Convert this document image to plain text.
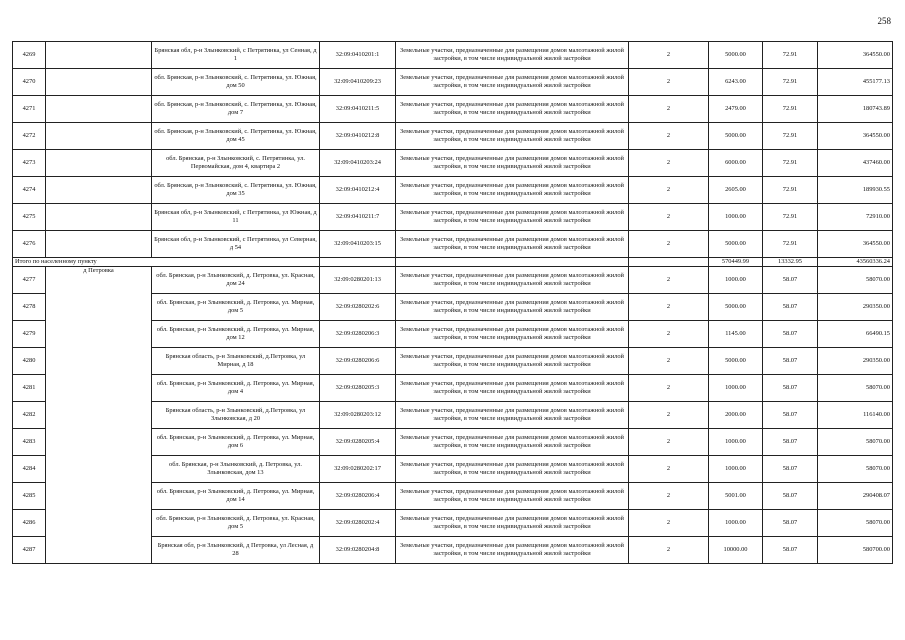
258
4269		Брянская обл, р-н Злынковский, с Петрятинка, ул Сенная, д 1	32:09:0410201:1	Земельные участки, предназначенные для размещения домов малоэтажной жилой застройки, в том числе индивидуальной жилой застройки	2	5000.00	72.91	364550.00
4270		обл. Брянская, р-н Злынковский, с. Петрятинка, ул. Южная, дом 50	32:09:0410209:23	Земельные участки, предназначенные для размещения домов малоэтажной жилой застройки, в том числе индивидуальной жилой застройки	2	6243.00	72.91	455177.13
4271		обл. Брянская, р-н Злынковский, с. Петрятинка, ул. Южная, дом 7	32:09:0410211:5	Земельные участки, предназначенные для размещения домов малоэтажной жилой застройки, в том числе индивидуальной жилой застройки	2	2479.00	72.91	180743.89
4272		обл. Брянская, р-н Злынковский, с. Петрятинка, ул. Южная, дом 45	32:09:0410212:8	Земельные участки, предназначенные для размещения домов малоэтажной жилой застройки, в том числе индивидуальной жилой застройки	2	5000.00	72.91	364550.00
4273		обл. Брянская, р-н Злынковский, с. Петрятинка, ул. Первомайская, дом 4, квартира 2	32:09:0410203:24	Земельные участки, предназначенные для размещения домов малоэтажной жилой застройки, в том числе индивидуальной жилой застройки	2	6000.00	72.91	437460.00
4274		обл. Брянская, р-н Злынковский, с. Петрятинка, ул. Южная, дом 35	32:09:0410212:4	Земельные участки, предназначенные для размещения домов малоэтажной жилой застройки, в том числе индивидуальной жилой застройки	2	2605.00	72.91	189930.55
4275		Брянская обл, р-н Злынковский, с Петрятинка, ул Южная, д 11	32:09:0410211:7	Земельные участки, предназначенные для размещения домов малоэтажной жилой застройки, в том числе индивидуальной жилой застройки	2	1000.00	72.91	72910.00
4276		Брянская обл, р-н Злынковский, с Петрятинка, ул Северная, д 54	32:09:0410203:15	Земельные участки, предназначенные для размещения домов малоэтажной жилой застройки, в том числе индивидуальной жилой застройки	2	5000.00	72.91	364550.00
Итого по населенному пункту						570449.99	13332.95	43560336.24
4277	д Петровка	обл. Брянская, р-н Злынковский, д. Петровка, ул. Красная, дом 24	32:09:0280201:13	Земельные участки, предназначенные для размещения домов малоэтажной жилой застройки, в том числе индивидуальной жилой застройки	2	1000.00	58.07	58070.00
4278		обл. Брянская, р-н Злынковский, д. Петровка, ул. Мирная, дом 5	32:09:0280202:6	Земельные участки, предназначенные для размещения домов малоэтажной жилой застройки, в том числе индивидуальной жилой застройки	2	5000.00	58.07	290350.00
4279		обл. Брянская, р-н Злынковский, д. Петровка, ул. Мирная, дом 12	32:09:0280206:3	Земельные участки, предназначенные для размещения домов малоэтажной жилой застройки, в том числе индивидуальной жилой застройки	2	1145.00	58.07	66490.15
4280		Брянская область, р-н Злынковский, д.Петровка, ул Мирная, д 18	32:09:0280206:6	Земельные участки, предназначенные для размещения домов малоэтажной жилой застройки, в том числе индивидуальной жилой застройки	2	5000.00	58.07	290350.00
4281		обл. Брянская, р-н Злынковский, д. Петровка, ул. Мирная, дом 4	32:09:0280205:3	Земельные участки, предназначенные для размещения домов малоэтажной жилой застройки, в том числе индивидуальной жилой застройки	2	1000.00	58.07	58070.00
4282		Брянская область, р-н Злынковский, д.Петровка, ул Злынковская, д 20	32:09:0280203:12	Земельные участки, предназначенные для размещения домов малоэтажной жилой застройки, в том числе индивидуальной жилой застройки	2	2000.00	58.07	116140.00
4283		обл. Брянская, р-н Злынковский, д. Петровка, ул. Мирная, дом 6	32:09:0280205:4	Земельные участки, предназначенные для размещения домов малоэтажной жилой застройки, в том числе индивидуальной жилой застройки	2	1000.00	58.07	58070.00
4284		обл. Брянская, р-н Злынковский, д. Петровка, ул. Злынковская, дом 13	32:09:0280202:17	Земельные участки, предназначенные для размещения домов малоэтажной жилой застройки, в том числе индивидуальной жилой застройки	2	1000.00	58.07	58070.00
4285		обл. Брянская, р-н Злынковский, д. Петровка, ул. Мирная, дом 14	32:09:0280206:4	Земельные участки, предназначенные для размещения домов малоэтажной жилой застройки, в том числе индивидуальной жилой застройки	2	5001.00	58.07	290408.07
4286		обл. Брянская, р-н Злынковский, д. Петровка, ул. Красная, дом 5	32:09:0280202:4	Земельные участки, предназначенные для размещения домов малоэтажной жилой застройки, в том числе индивидуальной жилой застройки	2	1000.00	58.07	58070.00
4287		Брянская обл, р-н Злынковский, д Петровка, ул Лесная, д 28	32:09:0280204:8	Земельные участки, предназначенные для размещения домов малоэтажной жилой застройки, в том числе индивидуальной жилой застройки	2	10000.00	58.07	580700.00
